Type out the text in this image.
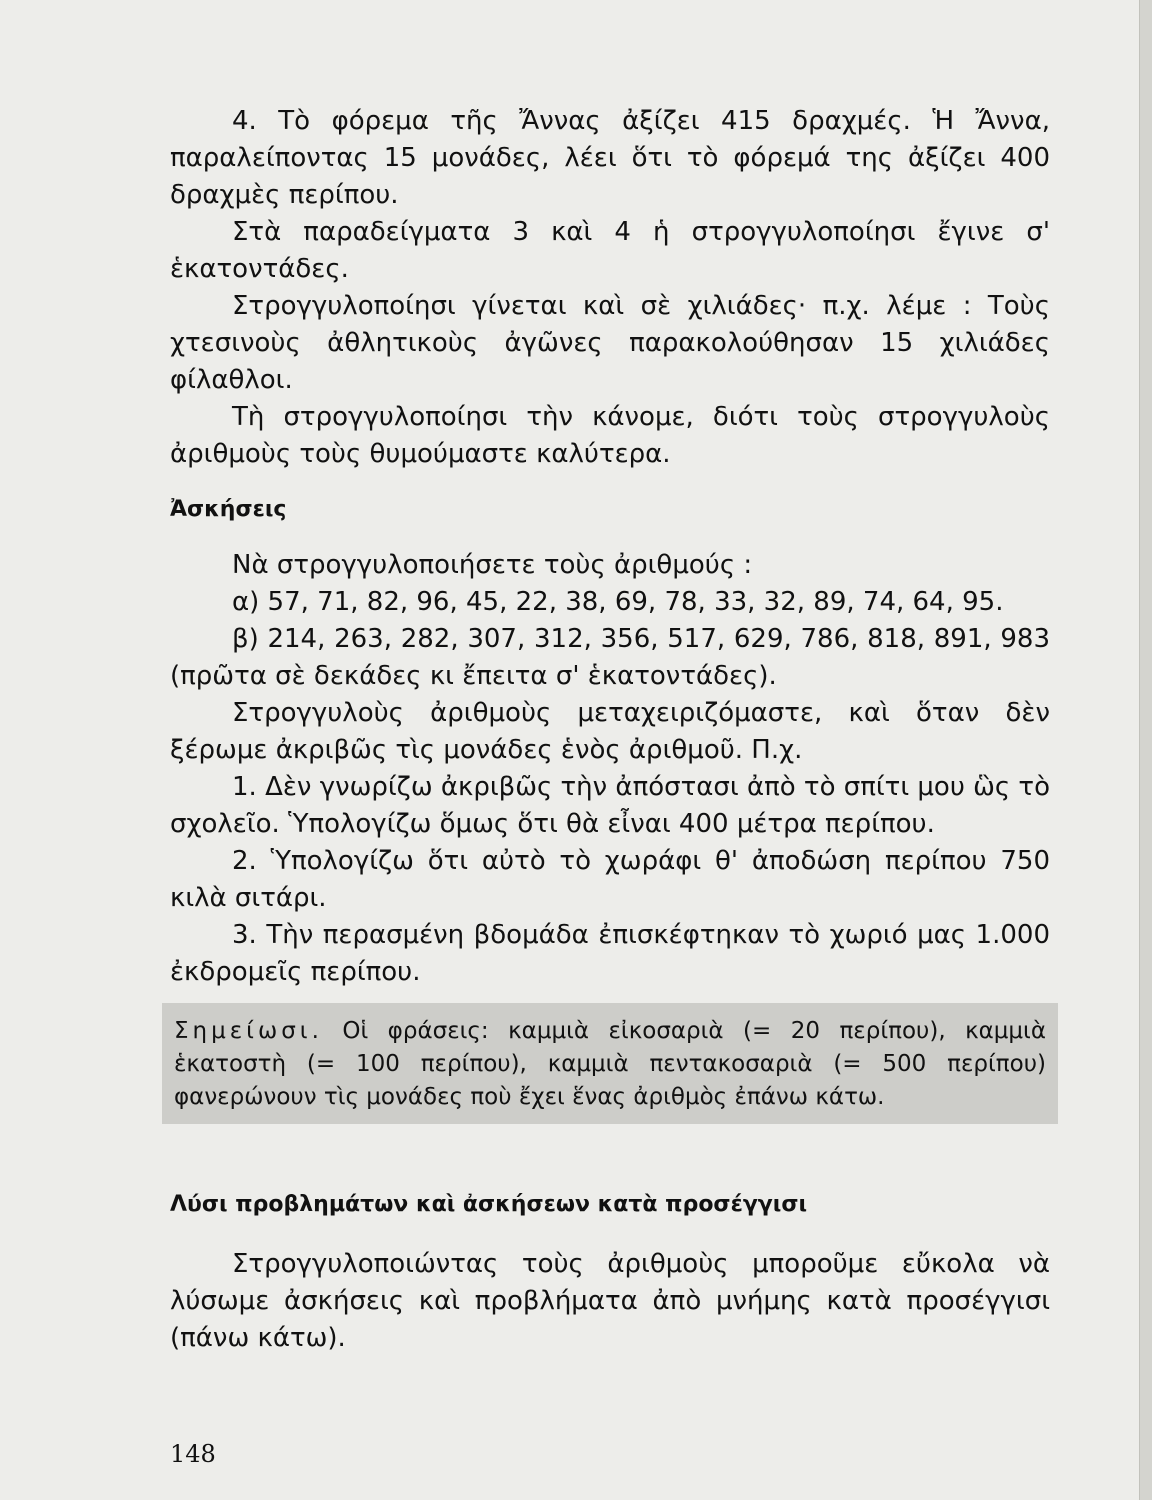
4. Τὸ φόρεμα τῆς Ἄννας ἀξίζει 415 δραχμές. Ἡ Ἄννα, παραλείποντας 15 μονάδες, λέει ὅτι τὸ φόρεμά της ἀξίζει 400 δραχμὲς περίπου.

Στὰ παραδείγματα 3 καὶ 4 ἡ στρογγυλοποίησι ἔγινε σ' ἑκατοντάδες.

Στρογγυλοποίησι γίνεται καὶ σὲ χιλιάδες· π.χ. λέμε : Τοὺς χτεσινοὺς ἀθλητικοὺς ἀγῶνες παρακολούθησαν 15 χιλιάδες φίλαθλοι.

Τὴ στρογγυλοποίησι τὴν κάνομε, διότι τοὺς στρογγυλοὺς ἀριθμοὺς τοὺς θυμούμαστε καλύτερα.

Ἀσκήσεις

Νὰ στρογγυλοποιήσετε τοὺς ἀριθμούς :

α) 57, 71, 82, 96, 45, 22, 38, 69, 78, 33, 32, 89, 74, 64, 95.

β) 214, 263, 282, 307, 312, 356, 517, 629, 786, 818, 891, 983 (πρῶτα σὲ δεκάδες κι ἔπειτα σ' ἑκατοντάδες).

Στρογγυλοὺς ἀριθμοὺς μεταχειριζόμαστε, καὶ ὅταν δὲν ξέρωμε ἀκριβῶς τὶς μονάδες ἑνὸς ἀριθμοῦ. Π.χ.

1. Δὲν γνωρίζω ἀκριβῶς τὴν ἀπόστασι ἀπὸ τὸ σπίτι μου ὣς τὸ σχολεῖο. Ὑπολογίζω ὅμως ὅτι θὰ εἶναι 400 μέτρα περίπου.

2. Ὑπολογίζω ὅτι αὐτὸ τὸ χωράφι θ' ἀποδώση περίπου 750 κιλὰ σιτάρι.

3. Τὴν περασμένη βδομάδα ἐπισκέφτηκαν τὸ χωριό μας 1.000 ἐκδρομεῖς περίπου.

Σημείωσι. Οἱ φράσεις: καμμιὰ εἰκοσαριὰ (= 20 περίπου), καμμιὰ ἑκατοστὴ (= 100 περίπου), καμμιὰ πεντακοσαριὰ (= 500 περίπου) φανερώνουν τὶς μονάδες ποὺ ἔχει ἕνας ἀριθμὸς ἐπάνω κάτω.
Λύσι προβλημάτων καὶ ἀσκήσεων κατὰ προσέγγισι

Στρογγυλοποιώντας τοὺς ἀριθμοὺς μποροῦμε εὔκολα νὰ λύσωμε ἀσκήσεις καὶ προβλήματα ἀπὸ μνήμης κατὰ προσέγγισι (πάνω κάτω).

148
